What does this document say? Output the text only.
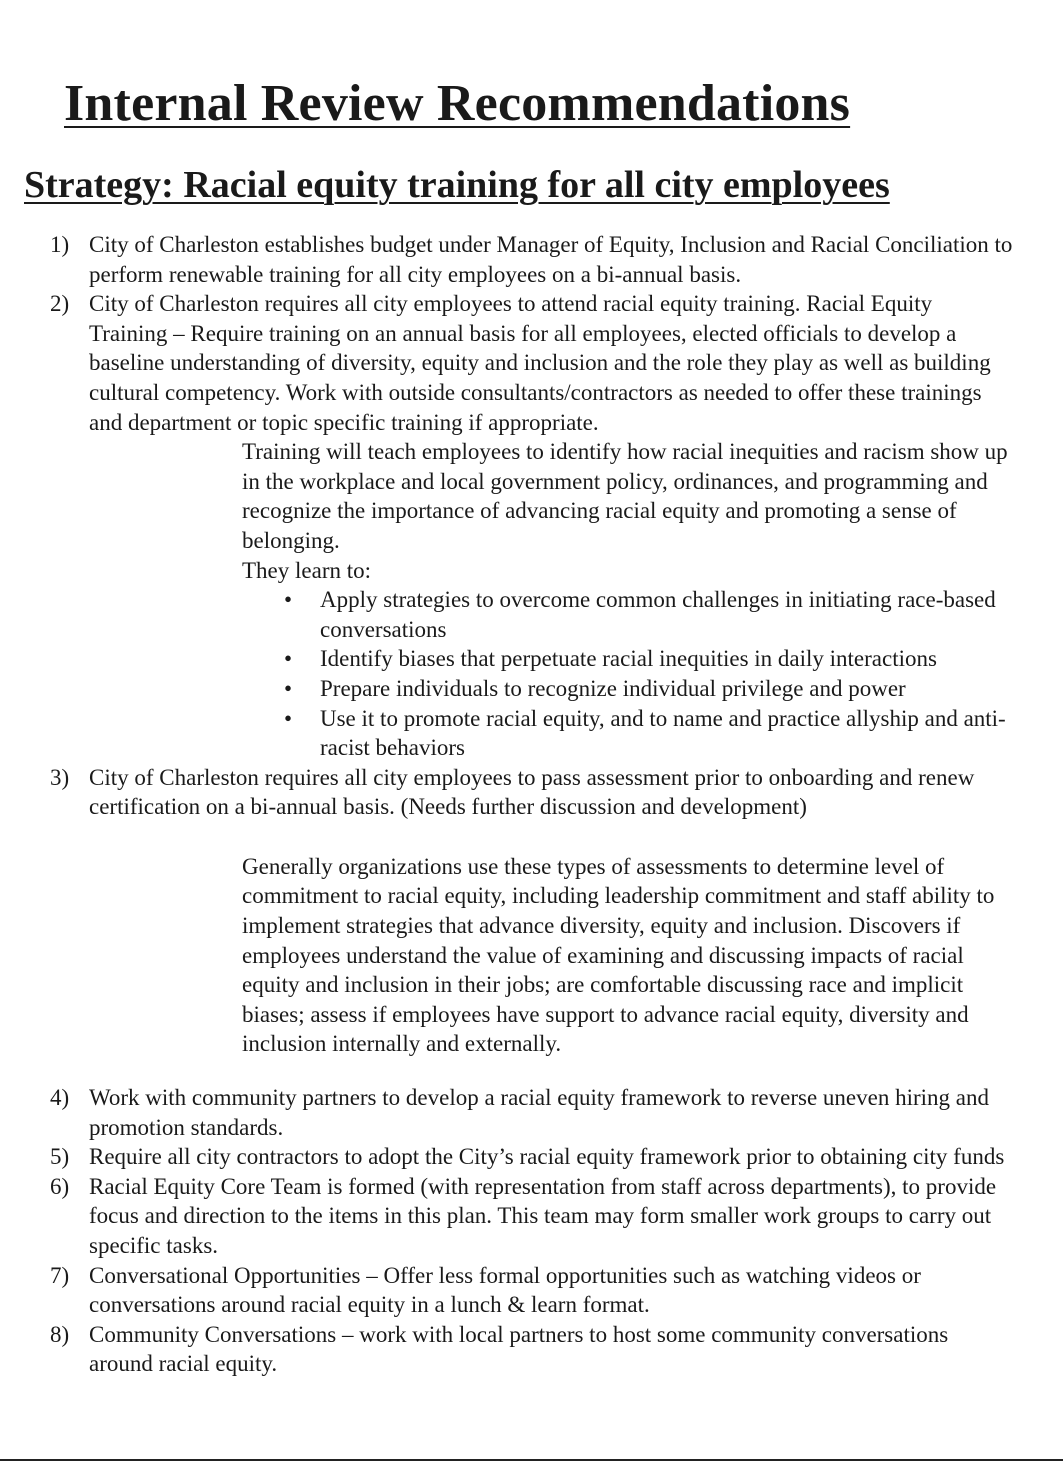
Internal Review Recommendations
Strategy: Racial equity training for all city employees
1) City of Charleston establishes budget under Manager of Equity, Inclusion and Racial Conciliation to perform renewable training for all city employees on a bi-annual basis.
2) City of Charleston requires all city employees to attend racial equity training. Racial Equity Training – Require training on an annual basis for all employees, elected officials to develop a baseline understanding of diversity, equity and inclusion and the role they play as well as building cultural competency. Work with outside consultants/contractors as needed to offer these trainings and department or topic specific training if appropriate.
Training will teach employees to identify how racial inequities and racism show up in the workplace and local government policy, ordinances, and programming and recognize the importance of advancing racial equity and promoting a sense of belonging.
They learn to:
• Apply strategies to overcome common challenges in initiating race-based conversations
• Identify biases that perpetuate racial inequities in daily interactions
• Prepare individuals to recognize individual privilege and power
• Use it to promote racial equity, and to name and practice allyship and anti-racist behaviors
3) City of Charleston requires all city employees to pass assessment prior to onboarding and renew certification on a bi-annual basis. (Needs further discussion and development)
Generally organizations use these types of assessments to determine level of commitment to racial equity, including leadership commitment and staff ability to implement strategies that advance diversity, equity and inclusion. Discovers if employees understand the value of examining and discussing impacts of racial equity and inclusion in their jobs; are comfortable discussing race and implicit biases; assess if employees have support to advance racial equity, diversity and inclusion internally and externally.
4) Work with community partners to develop a racial equity framework to reverse uneven hiring and promotion standards.
5) Require all city contractors to adopt the City’s racial equity framework prior to obtaining city funds
6) Racial Equity Core Team is formed (with representation from staff across departments), to provide focus and direction to the items in this plan. This team may form smaller work groups to carry out specific tasks.
7) Conversational Opportunities – Offer less formal opportunities such as watching videos or conversations around racial equity in a lunch & learn format.
8) Community Conversations – work with local partners to host some community conversations around racial equity.
